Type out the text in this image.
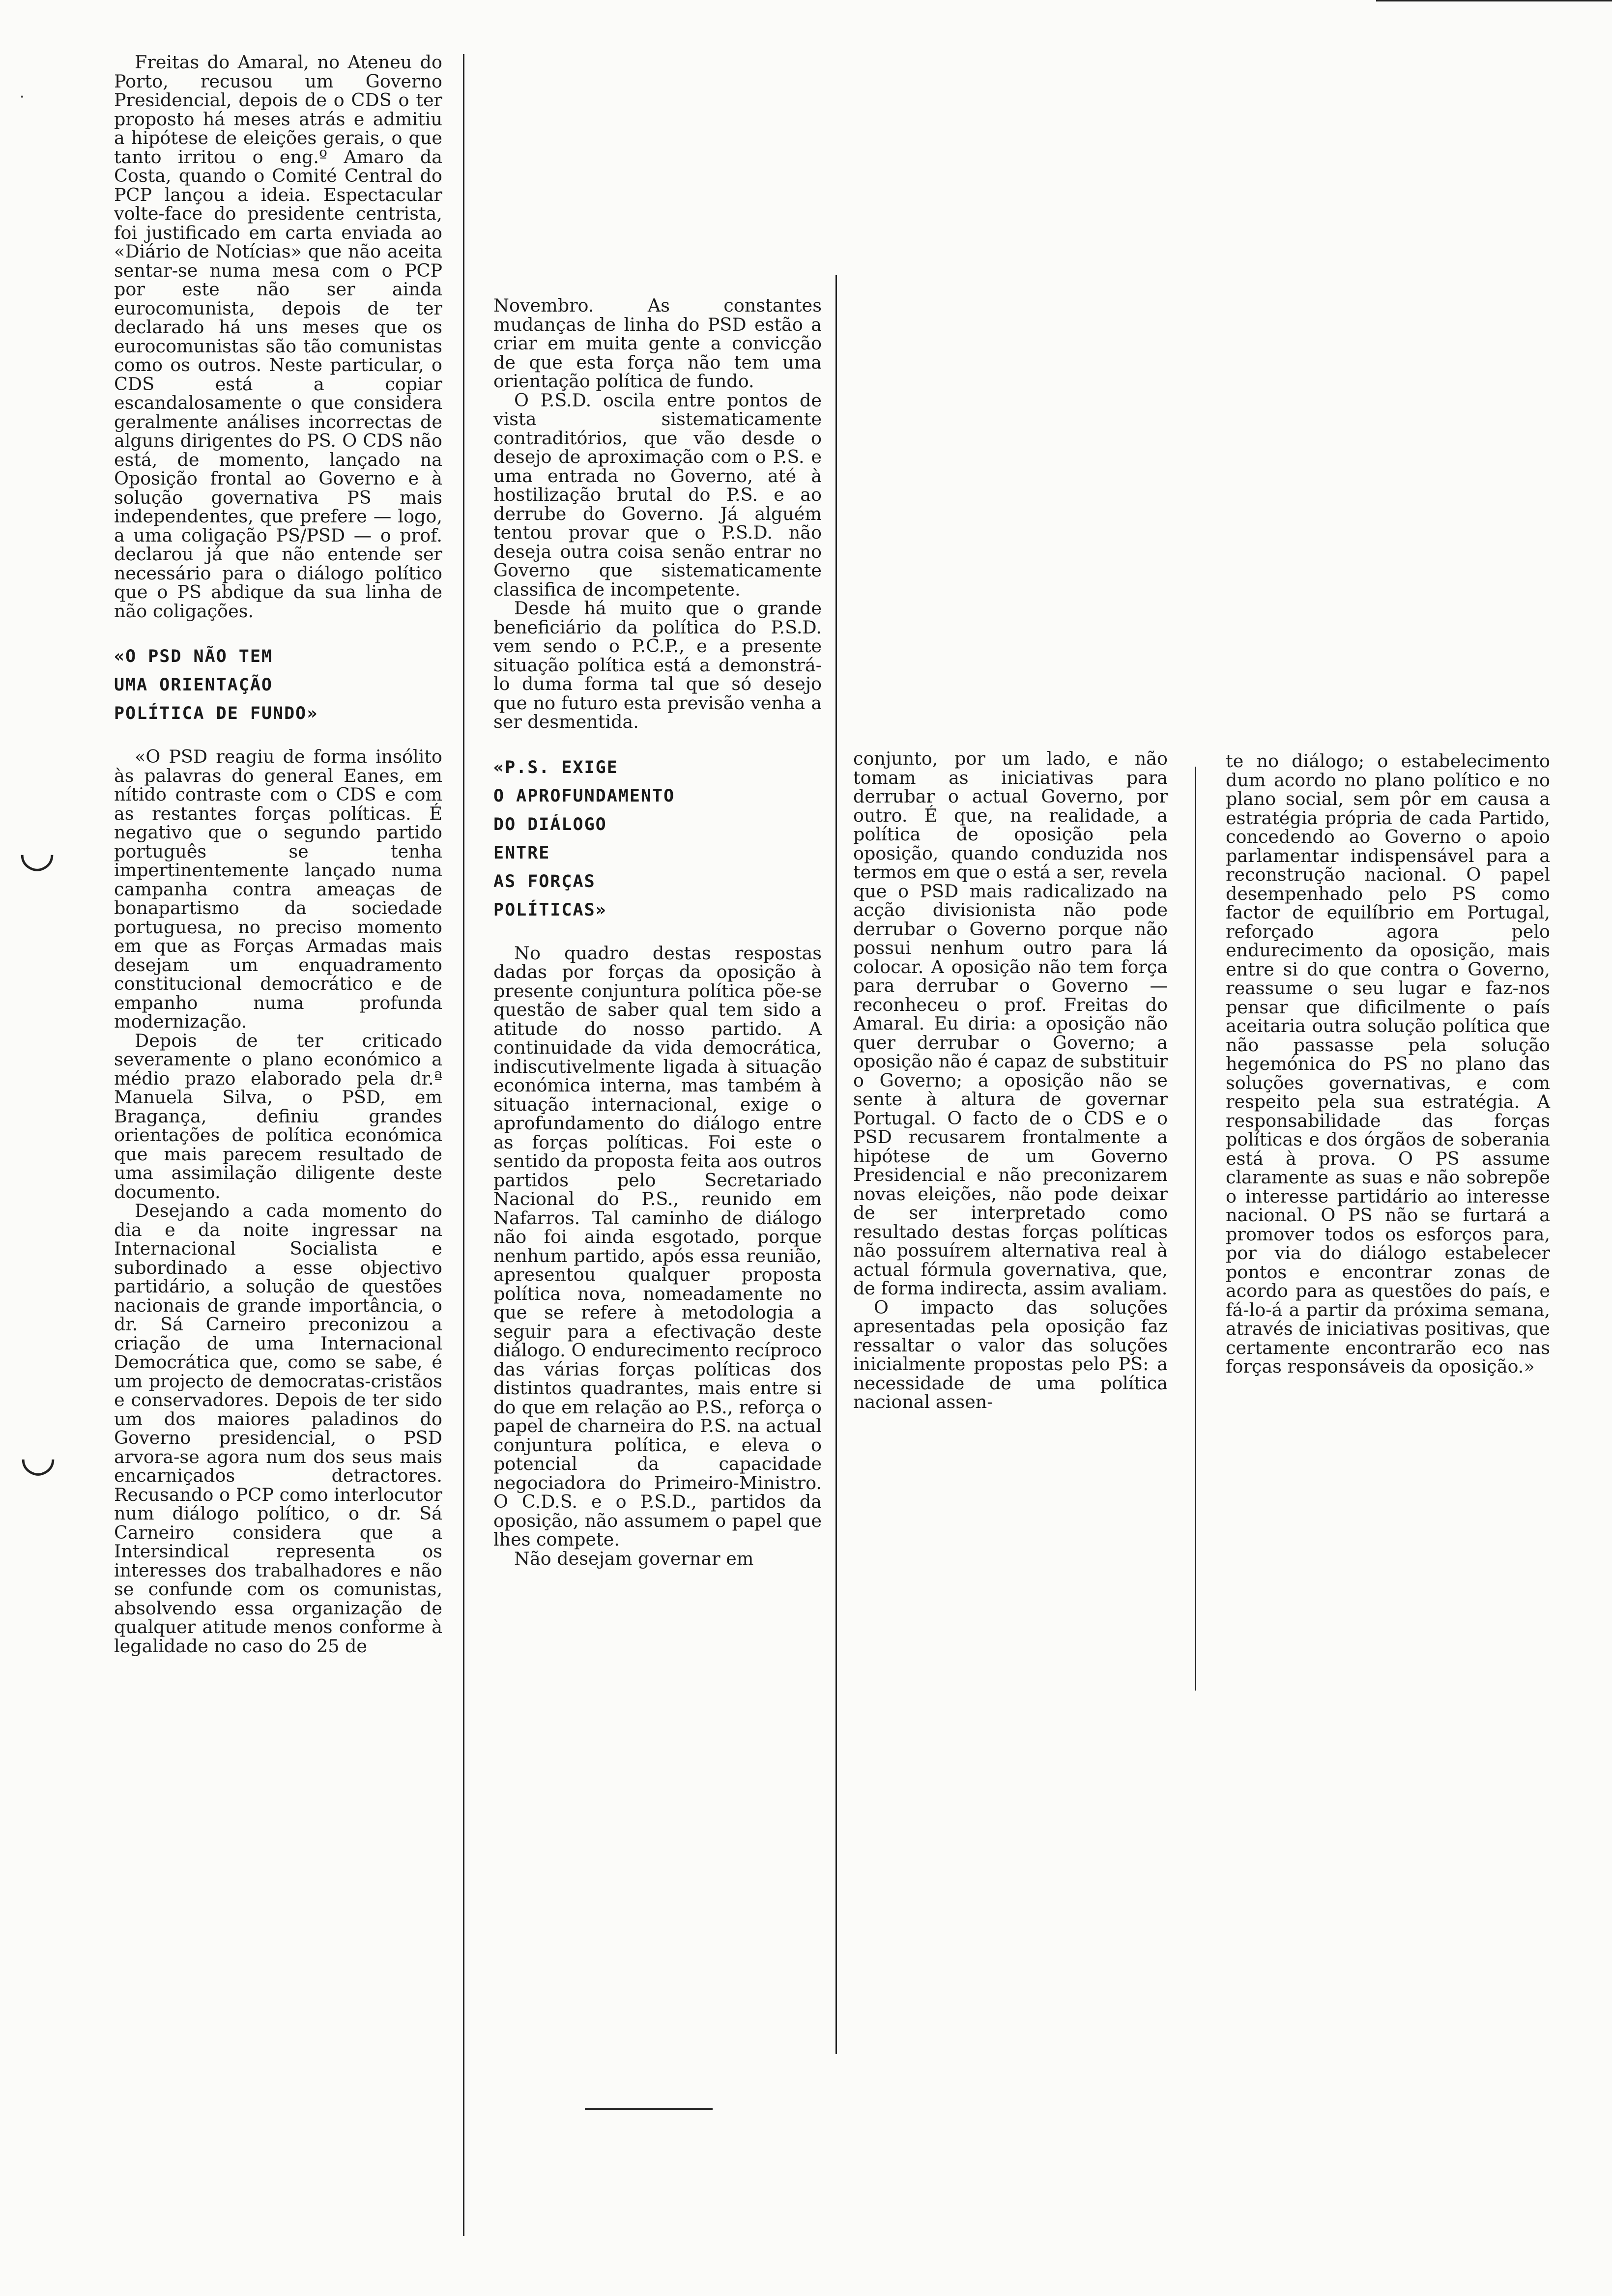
·
◡
◡

Freitas do Amaral, no Ateneu do Porto, recusou um Governo Presidencial, depois de o CDS o ter proposto há meses atrás e admitiu a hipótese de eleições gerais, o que tanto irritou o eng.º Amaro da Costa, quando o Comité Central do PCP lançou a ideia. Espectacular volte-face do presidente centrista, foi justificado em carta enviada ao «Diário de Notícias» que não aceita sentar-se numa mesa com o PCP por este não ser ainda eurocomunista, depois de ter declarado há uns meses que os eurocomunistas são tão comunistas como os outros. Neste particular, o CDS está a copiar escandalosamente o que considera geralmente análises incorrectas de alguns dirigentes do PS. O CDS não está, de momento, lançado na Oposição frontal ao Governo e à solução governativa PS mais independentes, que prefere — logo, a uma coligação PS/PSD — o prof. declarou já que não entende ser necessário para o diálogo político que o PS abdique da sua linha de não coligações.

«O PSD NÃO TEM
UMA ORIENTAÇÃO
POLÍTICA DE FUNDO»

«O PSD reagiu de forma insólito às palavras do general Eanes, em nítido contraste com o CDS e com as restantes forças políticas. É negativo que o segundo partido português se tenha impertinentemente lançado numa campanha contra ameaças de bonapartismo da sociedade portuguesa, no preciso momento em que as Forças Armadas mais desejam um enquadramento constitucional democrático e de empanho numa profunda modernização.

Depois de ter criticado severamente o plano económico a médio prazo elaborado pela dr.ª Manuela Silva, o PSD, em Bragança, definiu grandes orientações de política económica que mais parecem resultado de uma assimilação diligente deste documento.

Desejando a cada momento do dia e da noite ingressar na Internacional Socialista e subordinado a esse objectivo partidário, a solução de questões nacionais de grande importância, o dr. Sá Carneiro preconizou a criação de uma Internacional Democrática que, como se sabe, é um projecto de democratas-cristãos e conservadores. Depois de ter sido um dos maiores paladinos do Governo presidencial, o PSD arvora-se agora num dos seus mais encarniçados detractores. Recusando o PCP como interlocutor num diálogo político, o dr. Sá Carneiro considera que a Intersindical representa os interesses dos trabalhadores e não se confunde com os comunistas, absolvendo essa organização de qualquer atitude menos conforme à legalidade no caso do 25 de

Novembro. As constantes mudanças de linha do PSD estão a criar em muita gente a convicção de que esta força não tem uma orientação política de fundo.

O P.S.D. oscila entre pontos de vista sistematicamente contraditórios, que vão desde o desejo de aproximação com o P.S. e uma entrada no Governo, até à hostilização brutal do P.S. e ao derrube do Governo. Já alguém tentou provar que o P.S.D. não deseja outra coisa senão entrar no Governo que sistematicamente classifica de incompetente.

Desde há muito que o grande beneficiário da política do P.S.D. vem sendo o P.C.P., e a presente situação política está a demonstrá-lo duma forma tal que só desejo que no futuro esta previsão venha a ser desmentida.

«P.S. EXIGE
O APROFUNDAMENTO
DO DIÁLOGO
ENTRE
AS FORÇAS
POLÍTICAS»

No quadro destas respostas dadas por forças da oposição à presente conjuntura política põe-se questão de saber qual tem sido a atitude do nosso partido. A continuidade da vida democrática, indiscutivelmente ligada à situação económica interna, mas também à situação internacional, exige o aprofundamento do diálogo entre as forças políticas. Foi este o sentido da proposta feita aos outros partidos pelo Secretariado Nacional do P.S., reunido em Nafarros. Tal caminho de diálogo não foi ainda esgotado, porque nenhum partido, após essa reunião, apresentou qualquer proposta política nova, nomeadamente no que se refere à metodologia a seguir para a efectivação deste diálogo. O endurecimento recíproco das várias forças políticas dos distintos quadrantes, mais entre si do que em relação ao P.S., reforça o papel de charneira do P.S. na actual conjuntura política, e eleva o potencial da capacidade negociadora do Primeiro-Ministro. O C.D.S. e o P.S.D., partidos da oposição, não assumem o papel que lhes compete.

Não desejam governar em

conjunto, por um lado, e não tomam as iniciativas para derrubar o actual Governo, por outro. É que, na realidade, a política de oposição pela oposição, quando conduzida nos termos em que o está a ser, revela que o PSD mais radicalizado na acção divisionista não pode derrubar o Governo porque não possui nenhum outro para lá colocar. A oposição não tem força para derrubar o Governo — reconheceu o prof. Freitas do Amaral. Eu diria: a oposição não quer derrubar o Governo; a oposição não é capaz de substituir o Governo; a oposição não se sente à altura de governar Portugal. O facto de o CDS e o PSD recusarem frontalmente a hipótese de um Governo Presidencial e não preconizarem novas eleições, não pode deixar de ser interpretado como resultado destas forças políticas não possuírem alternativa real à actual fórmula governativa, que, de forma indirecta, assim avaliam.

O impacto das soluções apresentadas pela oposição faz ressaltar o valor das soluções inicialmente propostas pelo PS: a necessidade de uma política nacional assen-

te no diálogo; o estabelecimento dum acordo no plano político e no plano social, sem pôr em causa a estratégia própria de cada Partido, concedendo ao Governo o apoio parlamentar indispensável para a reconstrução nacional. O papel desempenhado pelo PS como factor de equilíbrio em Portugal, reforçado agora pelo endurecimento da oposição, mais entre si do que contra o Governo, reassume o seu lugar e faz-nos pensar que dificilmente o país aceitaria outra solução política que não passasse pela solução hegemónica do PS no plano das soluções governativas, e com respeito pela sua estratégia. A responsabilidade das forças políticas e dos órgãos de soberania está à prova. O PS assume claramente as suas e não sobrepõe o interesse partidário ao interesse nacional. O PS não se furtará a promover todos os esforços para, por via do diálogo estabelecer pontos e encontrar zonas de acordo para as questões do país, e fá-lo-á a partir da próxima semana, através de iniciativas positivas, que certamente encontrarão eco nas forças responsáveis da oposição.»
